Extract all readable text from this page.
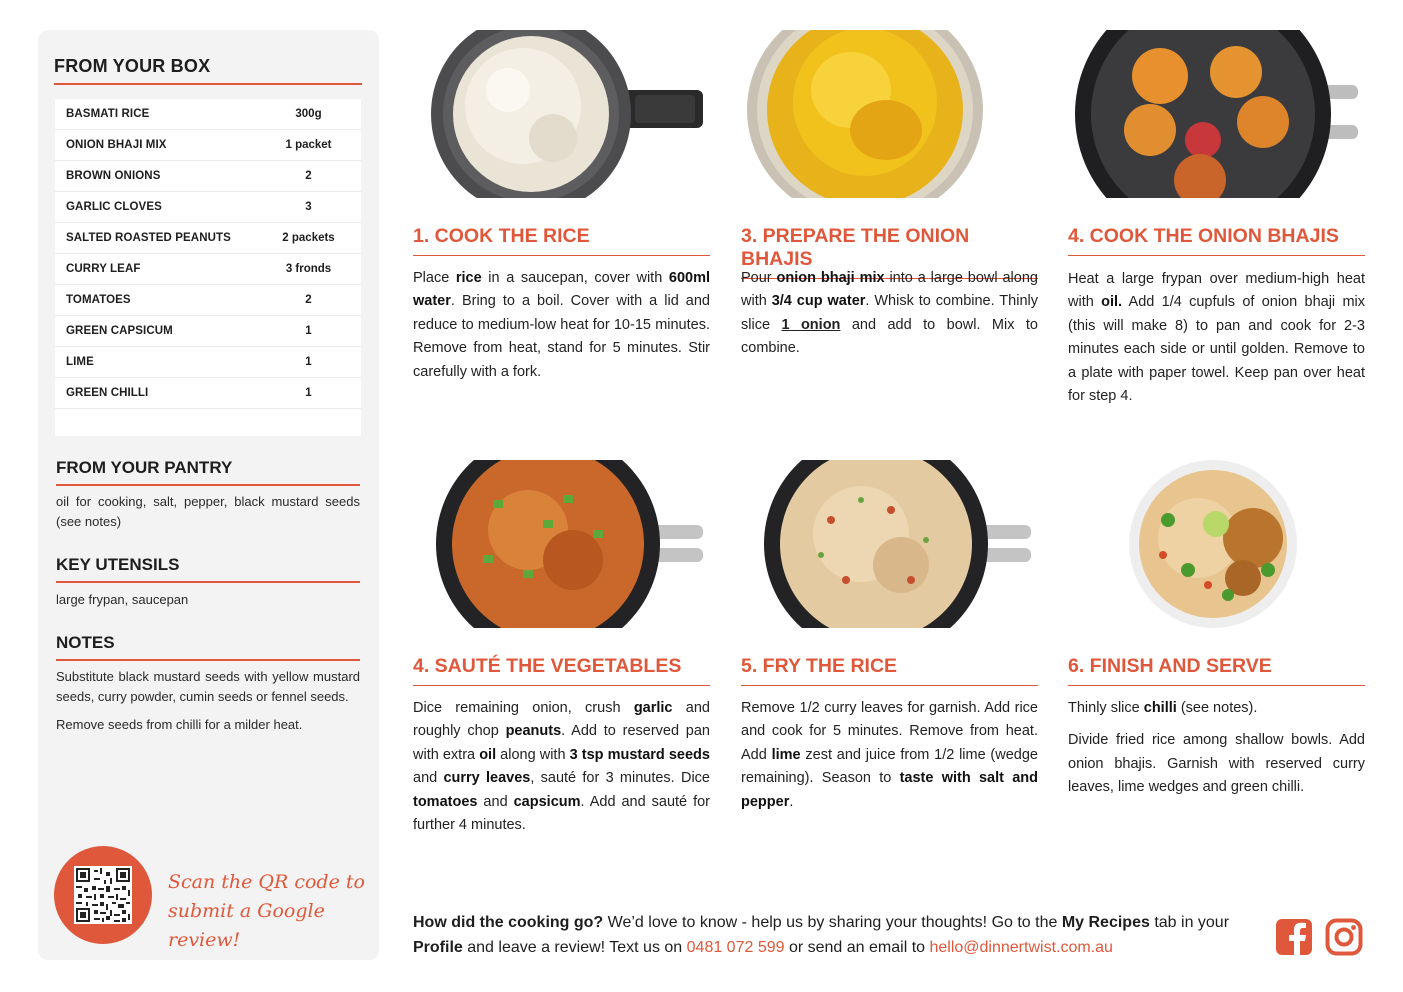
FROM YOUR BOX
BASMATI RICE	300g
ONION BHAJI MIX	1 packet
BROWN ONIONS	2
GARLIC CLOVES	3
SALTED ROASTED PEANUTS	2 packets
CURRY LEAF	3 fronds
TOMATOES	2
GREEN CAPSICUM	1
LIME	1
GREEN CHILLI	1
FROM YOUR PANTRY
oil for cooking, salt, pepper, black mustard seeds (see notes)
KEY UTENSILS
large frypan, saucepan
NOTES

Substitute black mustard seeds with yellow mustard seeds, curry powder, cumin seeds or fennel seeds.

Remove seeds from chilli for a milder heat.

Scan the QR code to
submit a Google review!
1. COOK THE RICE

Place rice in a saucepan, cover with 600ml water. Bring to a boil. Cover with a lid and reduce to medium-low heat for 10-15 minutes. Remove from heat, stand for 5 minutes. Stir carefully with a fork.

3. PREPARE THE ONION BHAJIS

Pour onion bhaji mix into a large bowl along with 3/4 cup water. Whisk to combine. Thinly slice 1 onion and add to bowl. Mix to combine.

4. COOK THE ONION BHAJIS

Heat a large frypan over medium-high heat with oil. Add 1/4 cupfuls of onion bhaji mix (this will make 8) to pan and cook for 2-3 minutes each side or until golden. Remove to a plate with paper towel. Keep pan over heat for step 4.

4. SAUTÉ THE VEGETABLES

Dice remaining onion, crush garlic and roughly chop peanuts. Add to reserved pan with extra oil along with 3 tsp mustard seeds and curry leaves, sauté for 3 minutes. Dice tomatoes and capsicum. Add and sauté for further 4 minutes.

5. FRY THE RICE

Remove 1/2 curry leaves for garnish. Add rice and cook for 5 minutes. Remove from heat. Add lime zest and juice from 1/2 lime (wedge remaining). Season to taste with salt and pepper.

6. FINISH AND SERVE

Thinly slice chilli (see notes).

Divide fried rice among shallow bowls. Add onion bhajis. Garnish with reserved curry leaves, lime wedges and green chilli.

How did the cooking go? We’d love to know - help us by sharing your thoughts! Go to the My Recipes tab in your Profile and leave a review! Text us on 0481 072 599 or send an email to hello@dinnertwist.com.au
